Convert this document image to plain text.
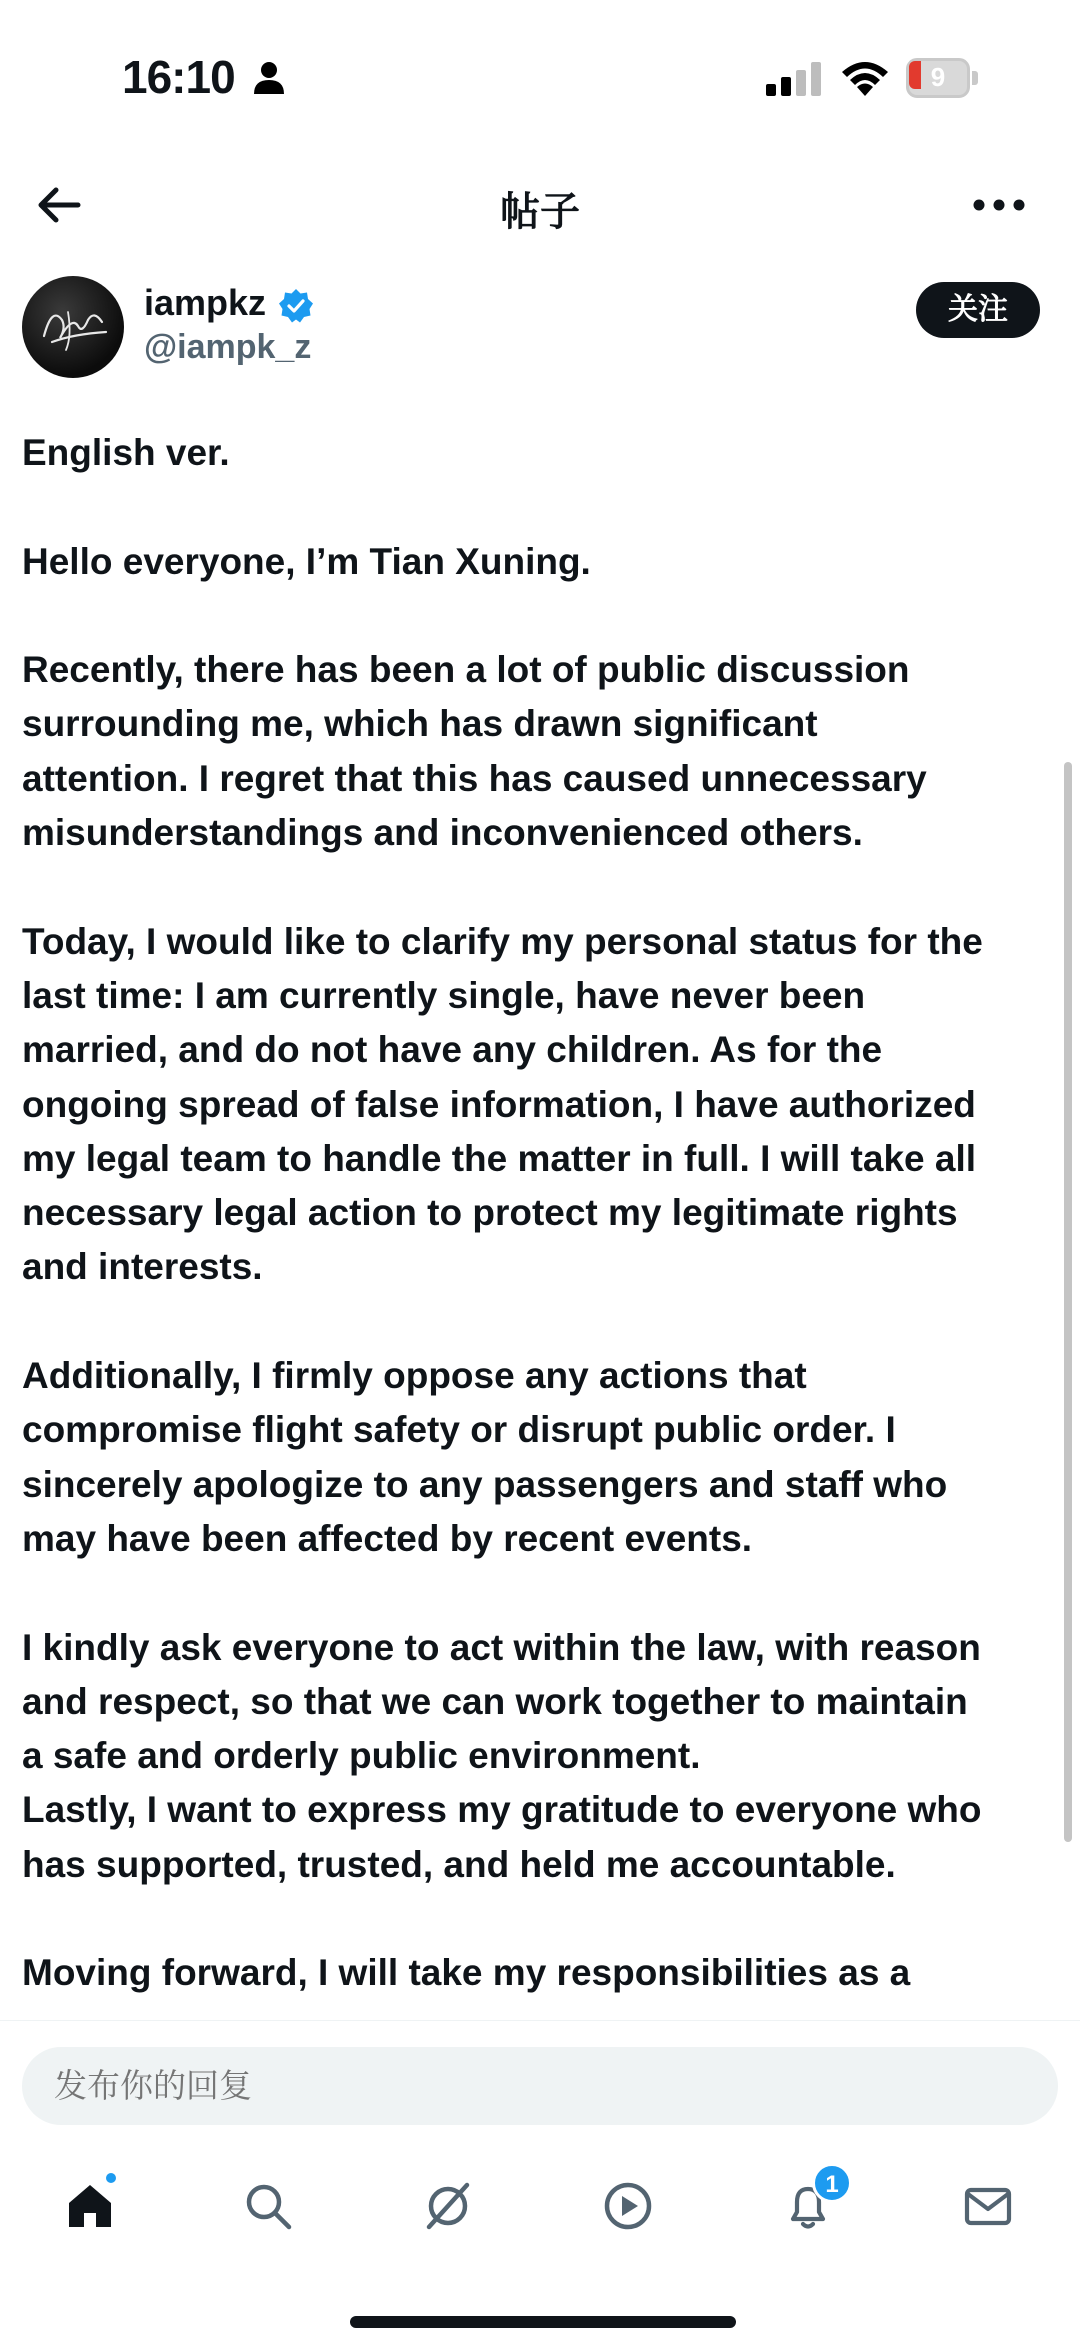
16:10	9
帖子
iampkz
@iampk_z
关注

English ver.

Hello everyone, I’m Tian Xuning.

Recently, there has been a lot of public discussion
surrounding me, which has drawn significant
attention. I regret that this has caused unnecessary
misunderstandings and inconvenienced others.

Today, I would like to clarify my personal status for the
last time: I am currently single, have never been
married, and do not have any children. As for the
ongoing spread of false information, I have authorized
my legal team to handle the matter in full. I will take all
necessary legal action to protect my legitimate rights
and interests.

Additionally, I firmly oppose any actions that
compromise flight safety or disrupt public order. I
sincerely apologize to any passengers and staff who
may have been affected by recent events.

I kindly ask everyone to act within the law, with reason
and respect, so that we can work together to maintain
a safe and orderly public environment.
Lastly, I want to express my gratitude to everyone who
has supported, trusted, and held me accountable.

Moving forward, I will take my responsibilities as a

发布你的回复
1
